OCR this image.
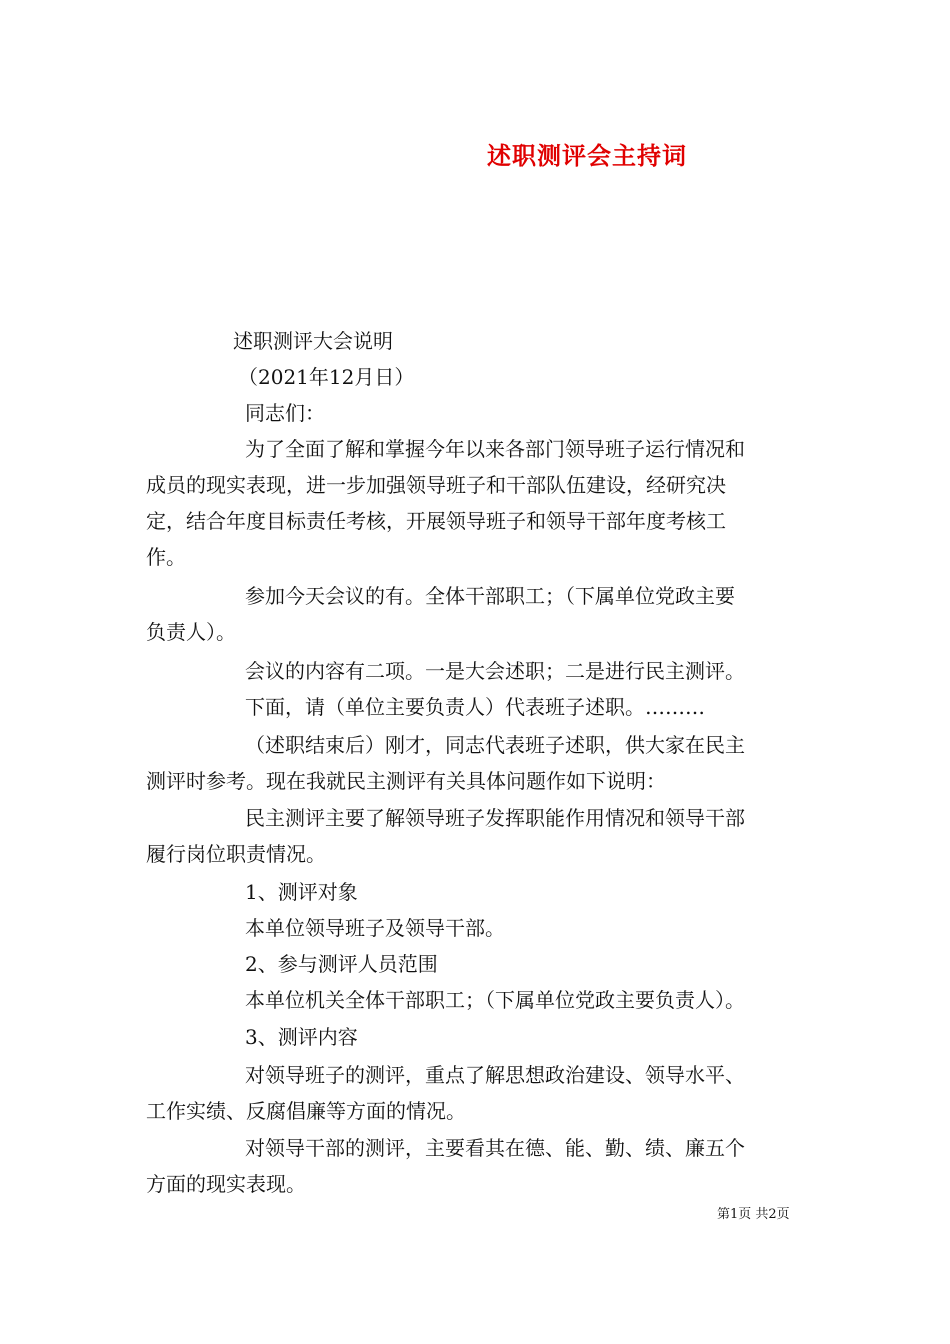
述职测评会主持词
述职测评大会说明
（2021年12月日）
同志们：
为了全面了解和掌握今年以来各部门领导班子运行情况和
成员的现实表现，进一步加强领导班子和干部队伍建设，经研究决
定，结合年度目标责任考核，开展领导班子和领导干部年度考核工
作。
参加今天会议的有。全体干部职工；（下属单位党政主要
负责人）。
会议的内容有二项。一是大会述职；二是进行民主测评。
下面，请（单位主要负责人）代表班子述职。………
（述职结束后）刚才，同志代表班子述职，供大家在民主
测评时参考。现在我就民主测评有关具体问题作如下说明：
民主测评主要了解领导班子发挥职能作用情况和领导干部
履行岗位职责情况。
1、测评对象
本单位领导班子及领导干部。
2、参与测评人员范围
本单位机关全体干部职工；（下属单位党政主要负责人）。
3、测评内容
对领导班子的测评，重点了解思想政治建设、领导水平、
工作实绩、反腐倡廉等方面的情况。
对领导干部的测评，主要看其在德、能、勤、绩、廉五个
方面的现实表现。
第1页 共2页
